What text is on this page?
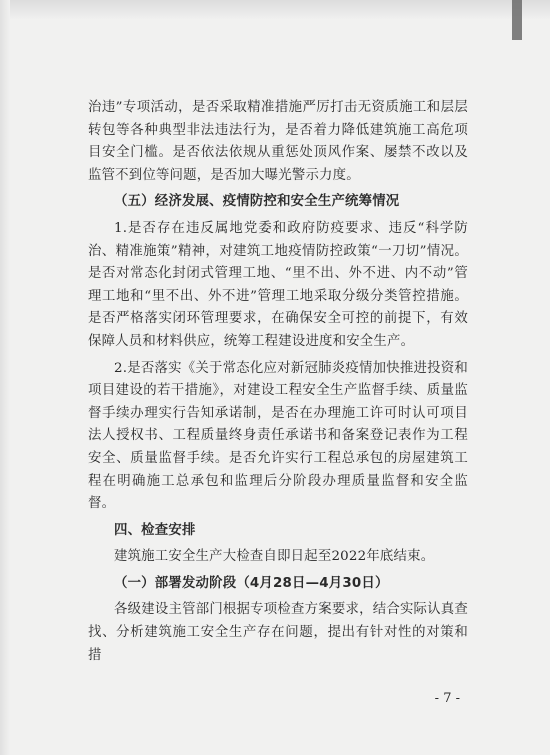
治违”专项活动，是否采取精准措施严厉打击无资质施工和层层转包等各种典型非法违法行为，是否着力降低建筑施工高危项目安全门槛。是否依法依规从重惩处顶风作案、屡禁不改以及监管不到位等问题，是否加大曝光警示力度。

（五）经济发展、疫情防控和安全生产统筹情况

1.是否存在违反属地党委和政府防疫要求、违反“科学防治、精准施策”精神，对建筑工地疫情防控政策“一刀切”情况。是否对常态化封闭式管理工地、“里不出、外不进、内不动”管理工地和“里不出、外不进”管理工地采取分级分类管控措施。是否严格落实闭环管理要求，在确保安全可控的前提下，有效保障人员和材料供应，统筹工程建设进度和安全生产。

2.是否落实《关于常态化应对新冠肺炎疫情加快推进投资和项目建设的若干措施》，对建设工程安全生产监督手续、质量监督手续办理实行告知承诺制，是否在办理施工许可时认可项目法人授权书、工程质量终身责任承诺书和备案登记表作为工程安全、质量监督手续。是否允许实行工程总承包的房屋建筑工程在明确施工总承包和监理后分阶段办理质量监督和安全监督。

四、检查安排

建筑施工安全生产大检查自即日起至2022年底结束。

（一）部署发动阶段（4月28日—4月30日）

各级建设主管部门根据专项检查方案要求，结合实际认真查找、分析建筑施工安全生产存在问题，提出有针对性的对策和措

- 7 -
